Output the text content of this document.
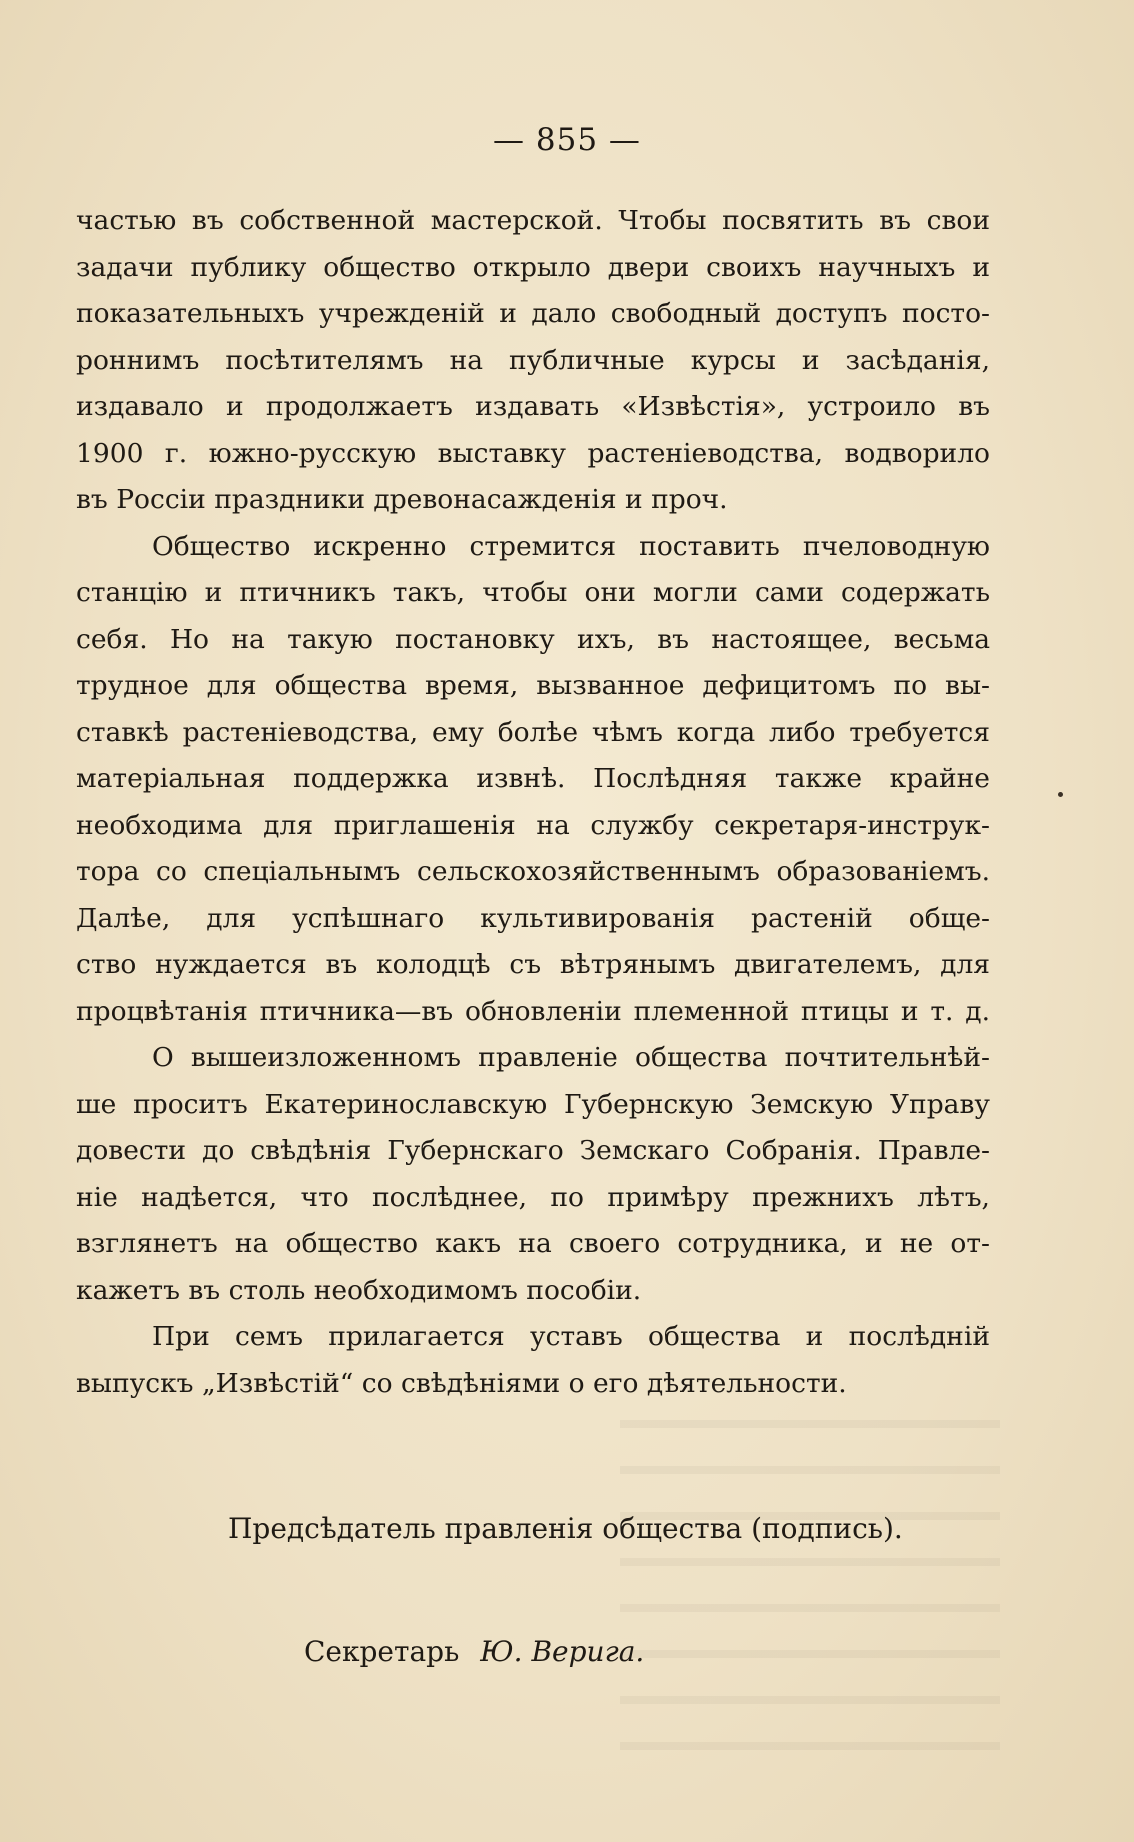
— 855 —

частью въ собственной мастерской. Чтобы посвятить въ свои
задачи публику общество открыло двери своихъ научныхъ и
показательныхъ учрежденій и дало свободный доступъ посто-
роннимъ посѣтителямъ на публичные курсы и засѣданія,
издавало и продолжаетъ издавать «Извѣстія», устроило въ
1900 г. южно-русскую выставку растеніеводства, водворило
въ Россіи праздники древонасажденія и проч.

Общество искренно стремится поставить пчеловодную
станцію и птичникъ такъ, чтобы они могли сами содержать
себя. Но на такую постановку ихъ, въ настоящее, весьма
трудное для общества время, вызванное дефицитомъ по вы-
ставкѣ растеніеводства, ему болѣе чѣмъ когда либо требуется
матеріальная поддержка извнѣ. Послѣдняя также крайне
необходима для приглашенія на службу секретаря-инструк-
тора со спеціальнымъ сельскохозяйственнымъ образованіемъ.
Далѣе, для успѣшнаго культивированія растеній обще-
ство нуждается въ колодцѣ съ вѣтрянымъ двигателемъ, для
процвѣтанія птичника—въ обновленіи племенной птицы и т. д.

О вышеизложенномъ правленіе общества почтительнѣй-
ше проситъ Екатеринославскую Губернскую Земскую Управу
довести до свѣдѣнія Губернскаго Земскаго Собранія. Правле-
ніе надѣется, что послѣднее, по примѣру прежнихъ лѣтъ,
взглянетъ на общество какъ на своего сотрудника, и не от-
кажетъ въ столь необходимомъ пособіи.

При семъ прилагается уставъ общества и послѣдній
выпускъ „Извѣстій“ со свѣдѣніями о его дѣятельности.

Предсѣдатель правленія общества (подпись).
Секретарь Ю. Верига.
